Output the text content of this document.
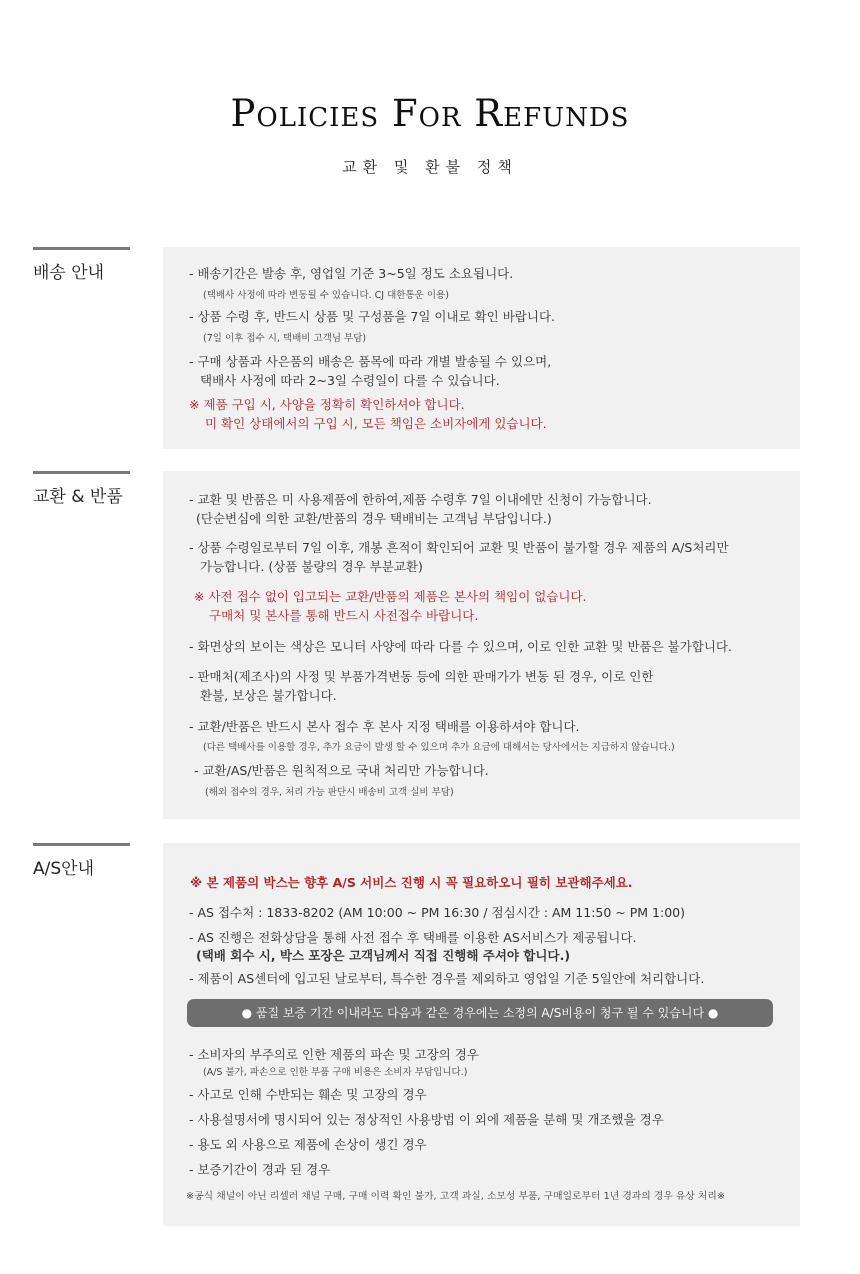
Policies For Refunds
교환 및 환불 정책
배송 안내	- 배송기간은 발송 후, 영업일 기준 3~5일 정도 소요됩니다.
(택배사 사정에 따라 변동될 수 있습니다. CJ 대한통운 이용)
- 상품 수령 후, 반드시 상품 및 구성품을 7일 이내로 확인 바랍니다.
(7일 이후 접수 시, 택배비 고객님 부담)
- 구매 상품과 사은품의 배송은 품목에 따라 개별 발송될 수 있으며,
택배사 사정에 따라 2~3일 수령일이 다를 수 있습니다.
※ 제품 구입 시, 사양을 정확히 확인하셔야 합니다.
미 확인 상태에서의 구입 시, 모든 책임은 소비자에게 있습니다.
교환 & 반품	- 교환 및 반품은 미 사용제품에 한하여,제품 수령후 7일 이내에만 신청이 가능합니다.
(단순변심에 의한 교환/반품의 경우 택배비는 고객님 부담입니다.)
- 상품 수령일로부터 7일 이후, 개봉 흔적이 확인되어 교환 및 반품이 불가할 경우 제품의 A/S처리만
가능합니다. (상품 불량의 경우 부분교환)
※ 사전 접수 없이 입고되는 교환/반품의 제품은 본사의 책임이 없습니다.
구매처 및 본사를 통해 반드시 사전접수 바랍니다.
- 화면상의 보이는 색상은 모니터 사양에 따라 다를 수 있으며, 이로 인한 교환 및 반품은 불가합니다.
- 판매처(제조사)의 사정 및 부품가격변동 등에 의한 판매가가 변동 된 경우, 이로 인한
환불, 보상은 불가합니다.
- 교환/반품은 반드시 본사 접수 후 본사 지정 택배를 이용하셔야 합니다.
(다른 택배사를 이용할 경우, 추가 요금이 발생 할 수 있으며 추가 요금에 대해서는 당사에서는 지급하지 않습니다.)
- 교환/AS/반품은 원칙적으로 국내 처리만 가능합니다.
(해외 접수의 경우, 처리 가능 판단시 배송비 고객 실비 부담)
A/S안내
※ 본 제품의 박스는 향후 A/S 서비스 진행 시 꼭 필요하오니 필히 보관해주세요.
- AS 접수처 : 1833-8202 (AM 10:00 ~ PM 16:30 / 점심시간 : AM 11:50 ~ PM 1:00)
- AS 진행은 전화상담을 통해 사전 접수 후 택배를 이용한 AS서비스가 제공됩니다.
(택배 회수 시, 박스 포장은 고객님께서 직접 진행해 주셔야 합니다.)
- 제품이 AS센터에 입고된 날로부터, 특수한 경우를 제외하고 영업일 기준 5일안에 처리합니다.
● 품질 보증 기간 이내라도 다음과 같은 경우에는 소정의 A/S비용이 청구 될 수 있습니다 ●
- 소비자의 부주의로 인한 제품의 파손 및 고장의 경우
(A/S 불가, 파손으로 인한 부품 구매 비용은 소비자 부담입니다.)
- 사고로 인해 수반되는 훼손 및 고장의 경우
- 사용설명서에 명시되어 있는 정상적인 사용방법 이 외에 제품을 분해 및 개조했을 경우
- 용도 외 사용으로 제품에 손상이 생긴 경우
- 보증기간이 경과 된 경우
※공식 채널이 아닌 리셀러 채널 구매, 구매 이력 확인 불가, 고객 과실, 소모성 부품, 구매일로부터 1년 경과의 경우 유상 처리※
